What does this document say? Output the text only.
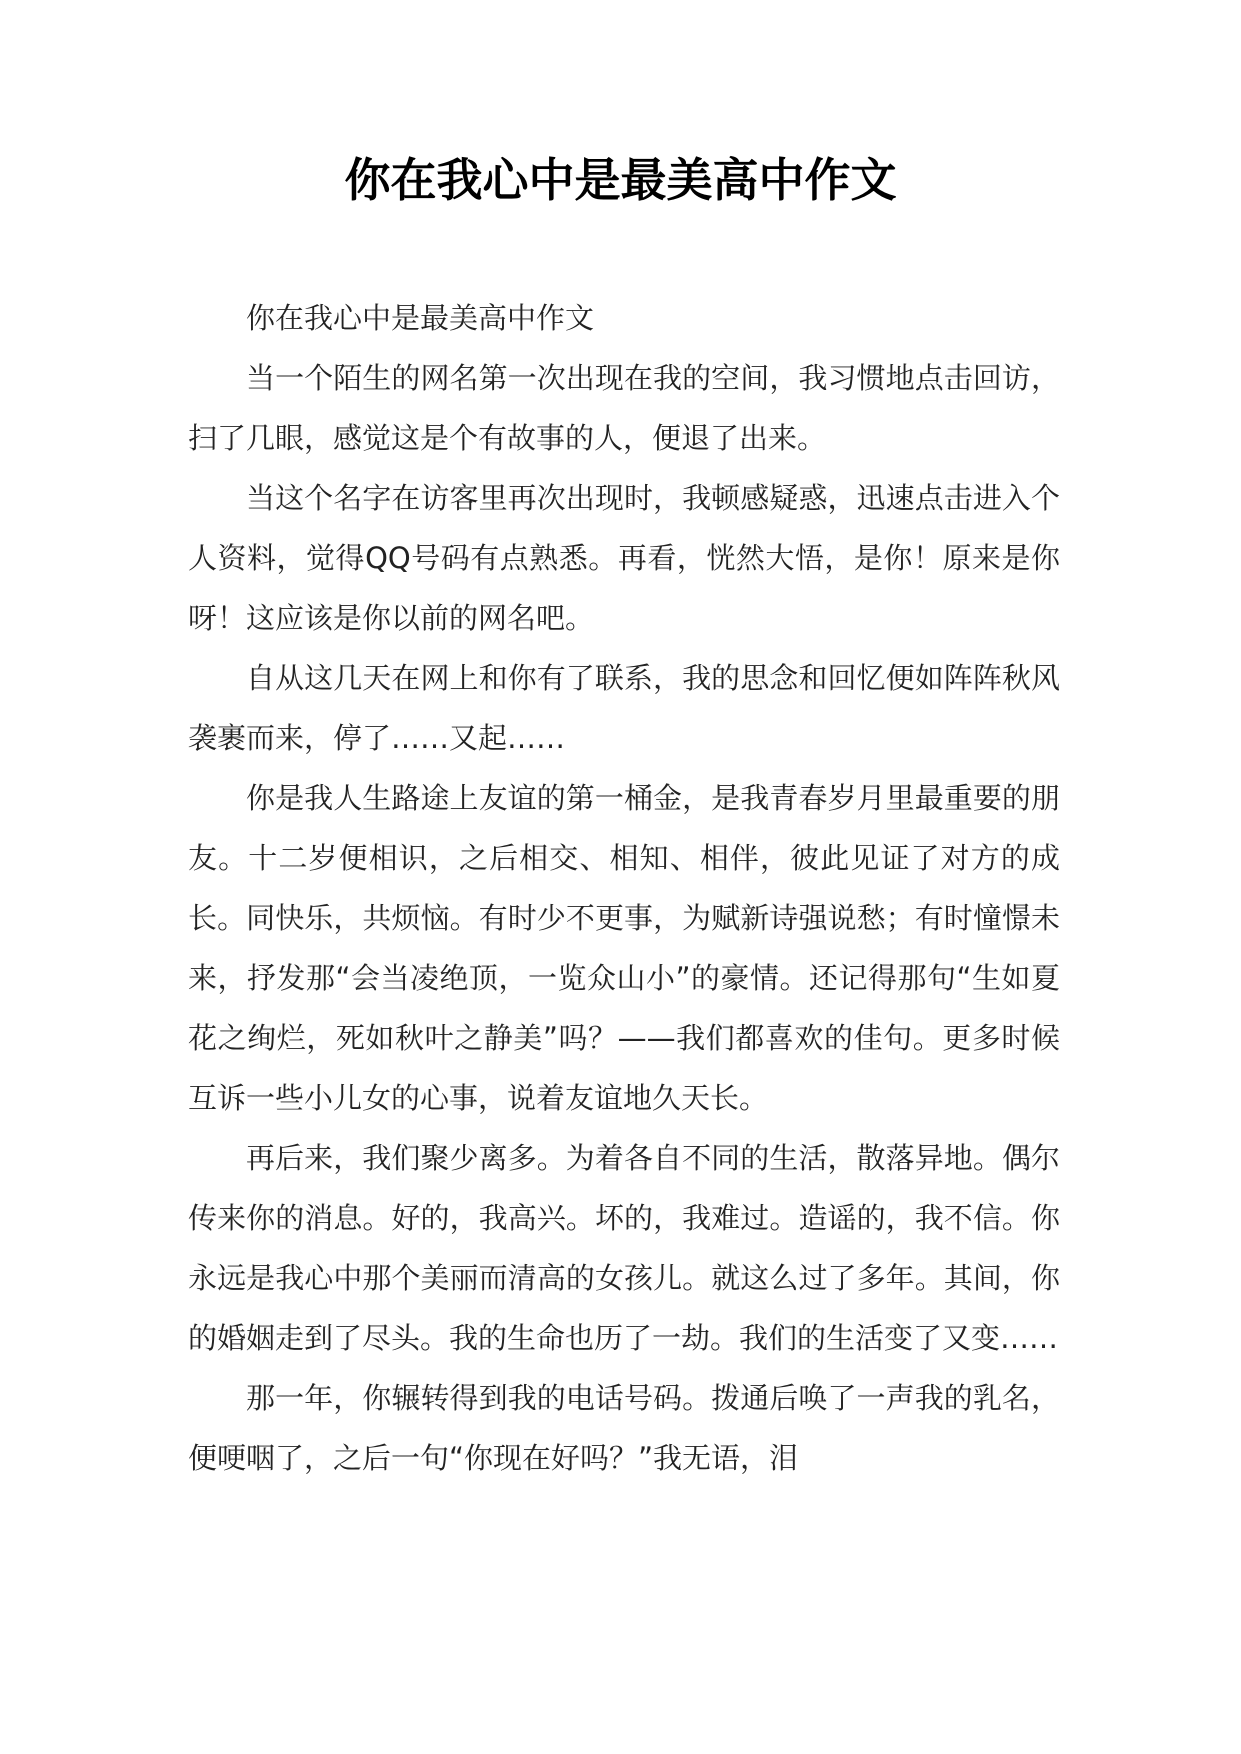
你在我心中是最美高中作文

你在我心中是最美高中作文

当一个陌生的网名第一次出现在我的空间，我习惯地点击回访，扫了几眼，感觉这是个有故事的人，便退了出来。

当这个名字在访客里再次出现时，我顿感疑惑，迅速点击进入个人资料，觉得QQ号码有点熟悉。再看，恍然大悟，是你！原来是你呀！这应该是你以前的网名吧。

自从这几天在网上和你有了联系，我的思念和回忆便如阵阵秋风袭裹而来，停了……又起……

你是我人生路途上友谊的第一桶金，是我青春岁月里最重要的朋友。十二岁便相识，之后相交、相知、相伴，彼此见证了对方的成长。同快乐，共烦恼。有时少不更事，为赋新诗强说愁；有时憧憬未来，抒发那“会当凌绝顶，一览众山小”的豪情。还记得那句“生如夏花之绚烂，死如秋叶之静美”吗？——我们都喜欢的佳句。更多时候互诉一些小儿女的心事，说着友谊地久天长。

再后来，我们聚少离多。为着各自不同的生活，散落异地。偶尔传来你的消息。好的，我高兴。坏的，我难过。造谣的，我不信。你永远是我心中那个美丽而清高的女孩儿。就这么过了多年。其间，你的婚姻走到了尽头。我的生命也历了一劫。我们的生活变了又变……

那一年，你辗转得到我的电话号码。拨通后唤了一声我的乳名，便哽咽了，之后一句“你现在好吗？”我无语，泪
